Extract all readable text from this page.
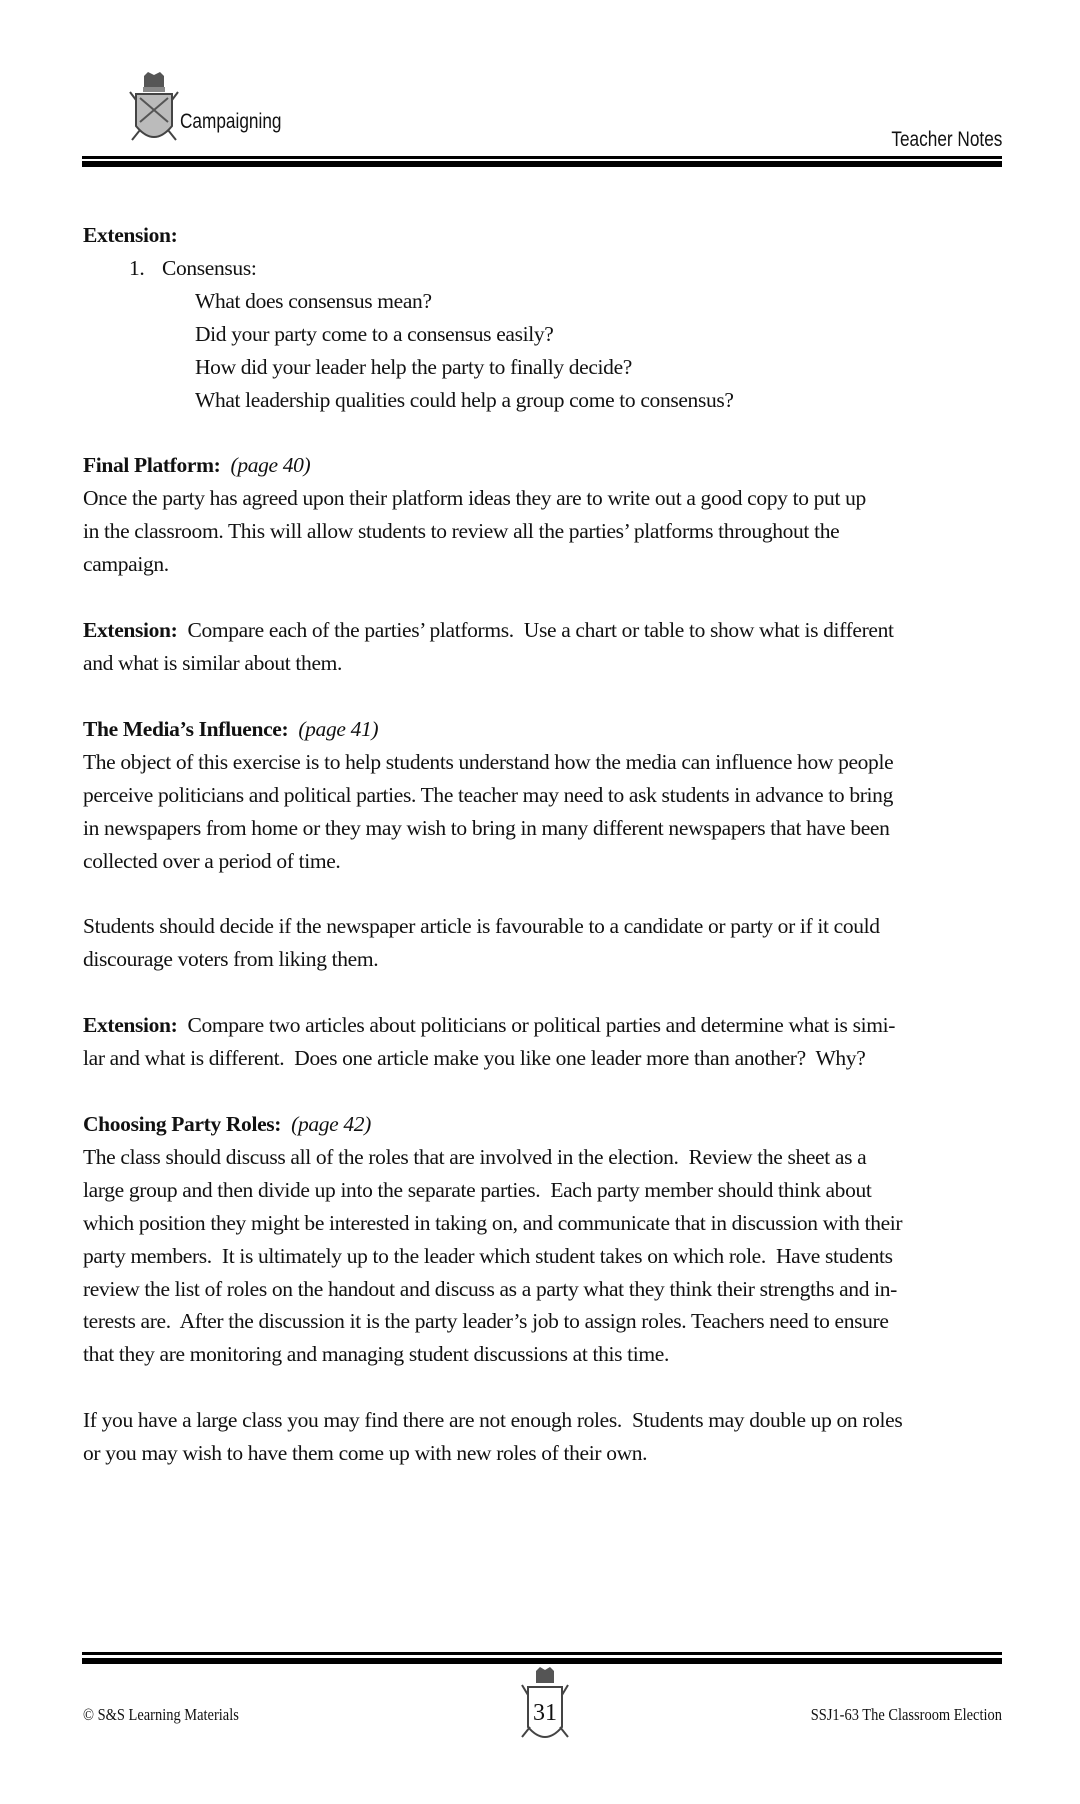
Campaigning
Teacher Notes
Extension:
1. Consensus:
What does consensus mean?
Did your party come to a consensus easily?
How did your leader help the party to finally decide?
What leadership qualities could help a group come to consensus?
Final Platform:  (page 40)
Once the party has agreed upon their platform ideas they are to write out a good copy to put up
in the classroom. This will allow students to review all the parties’ platforms throughout the
campaign.
Extension:  Compare each of the parties’ platforms.  Use a chart or table to show what is different
and what is similar about them.
The Media’s Influence:  (page 41)
The object of this exercise is to help students understand how the media can influence how people
perceive politicians and political parties. The teacher may need to ask students in advance to bring
in newspapers from home or they may wish to bring in many different newspapers that have been
collected over a period of time.
Students should decide if the newspaper article is favourable to a candidate or party or if it could
discourage voters from liking them.
Extension:  Compare two articles about politicians or political parties and determine what is simi-
lar and what is different.  Does one article make you like one leader more than another?  Why?
Choosing Party Roles:  (page 42)
The class should discuss all of the roles that are involved in the election.  Review the sheet as a
large group and then divide up into the separate parties.  Each party member should think about
which position they might be interested in taking on, and communicate that in discussion with their
party members.  It is ultimately up to the leader which student takes on which role.  Have students
review the list of roles on the handout and discuss as a party what they think their strengths and in-
terests are.  After the discussion it is the party leader’s job to assign roles. Teachers need to ensure
that they are monitoring and managing student discussions at this time.
If you have a large class you may find there are not enough roles.  Students may double up on roles
or you may wish to have them come up with new roles of their own.
© S&S Learning Materials	31	SSJ1-63 The Classroom Election
